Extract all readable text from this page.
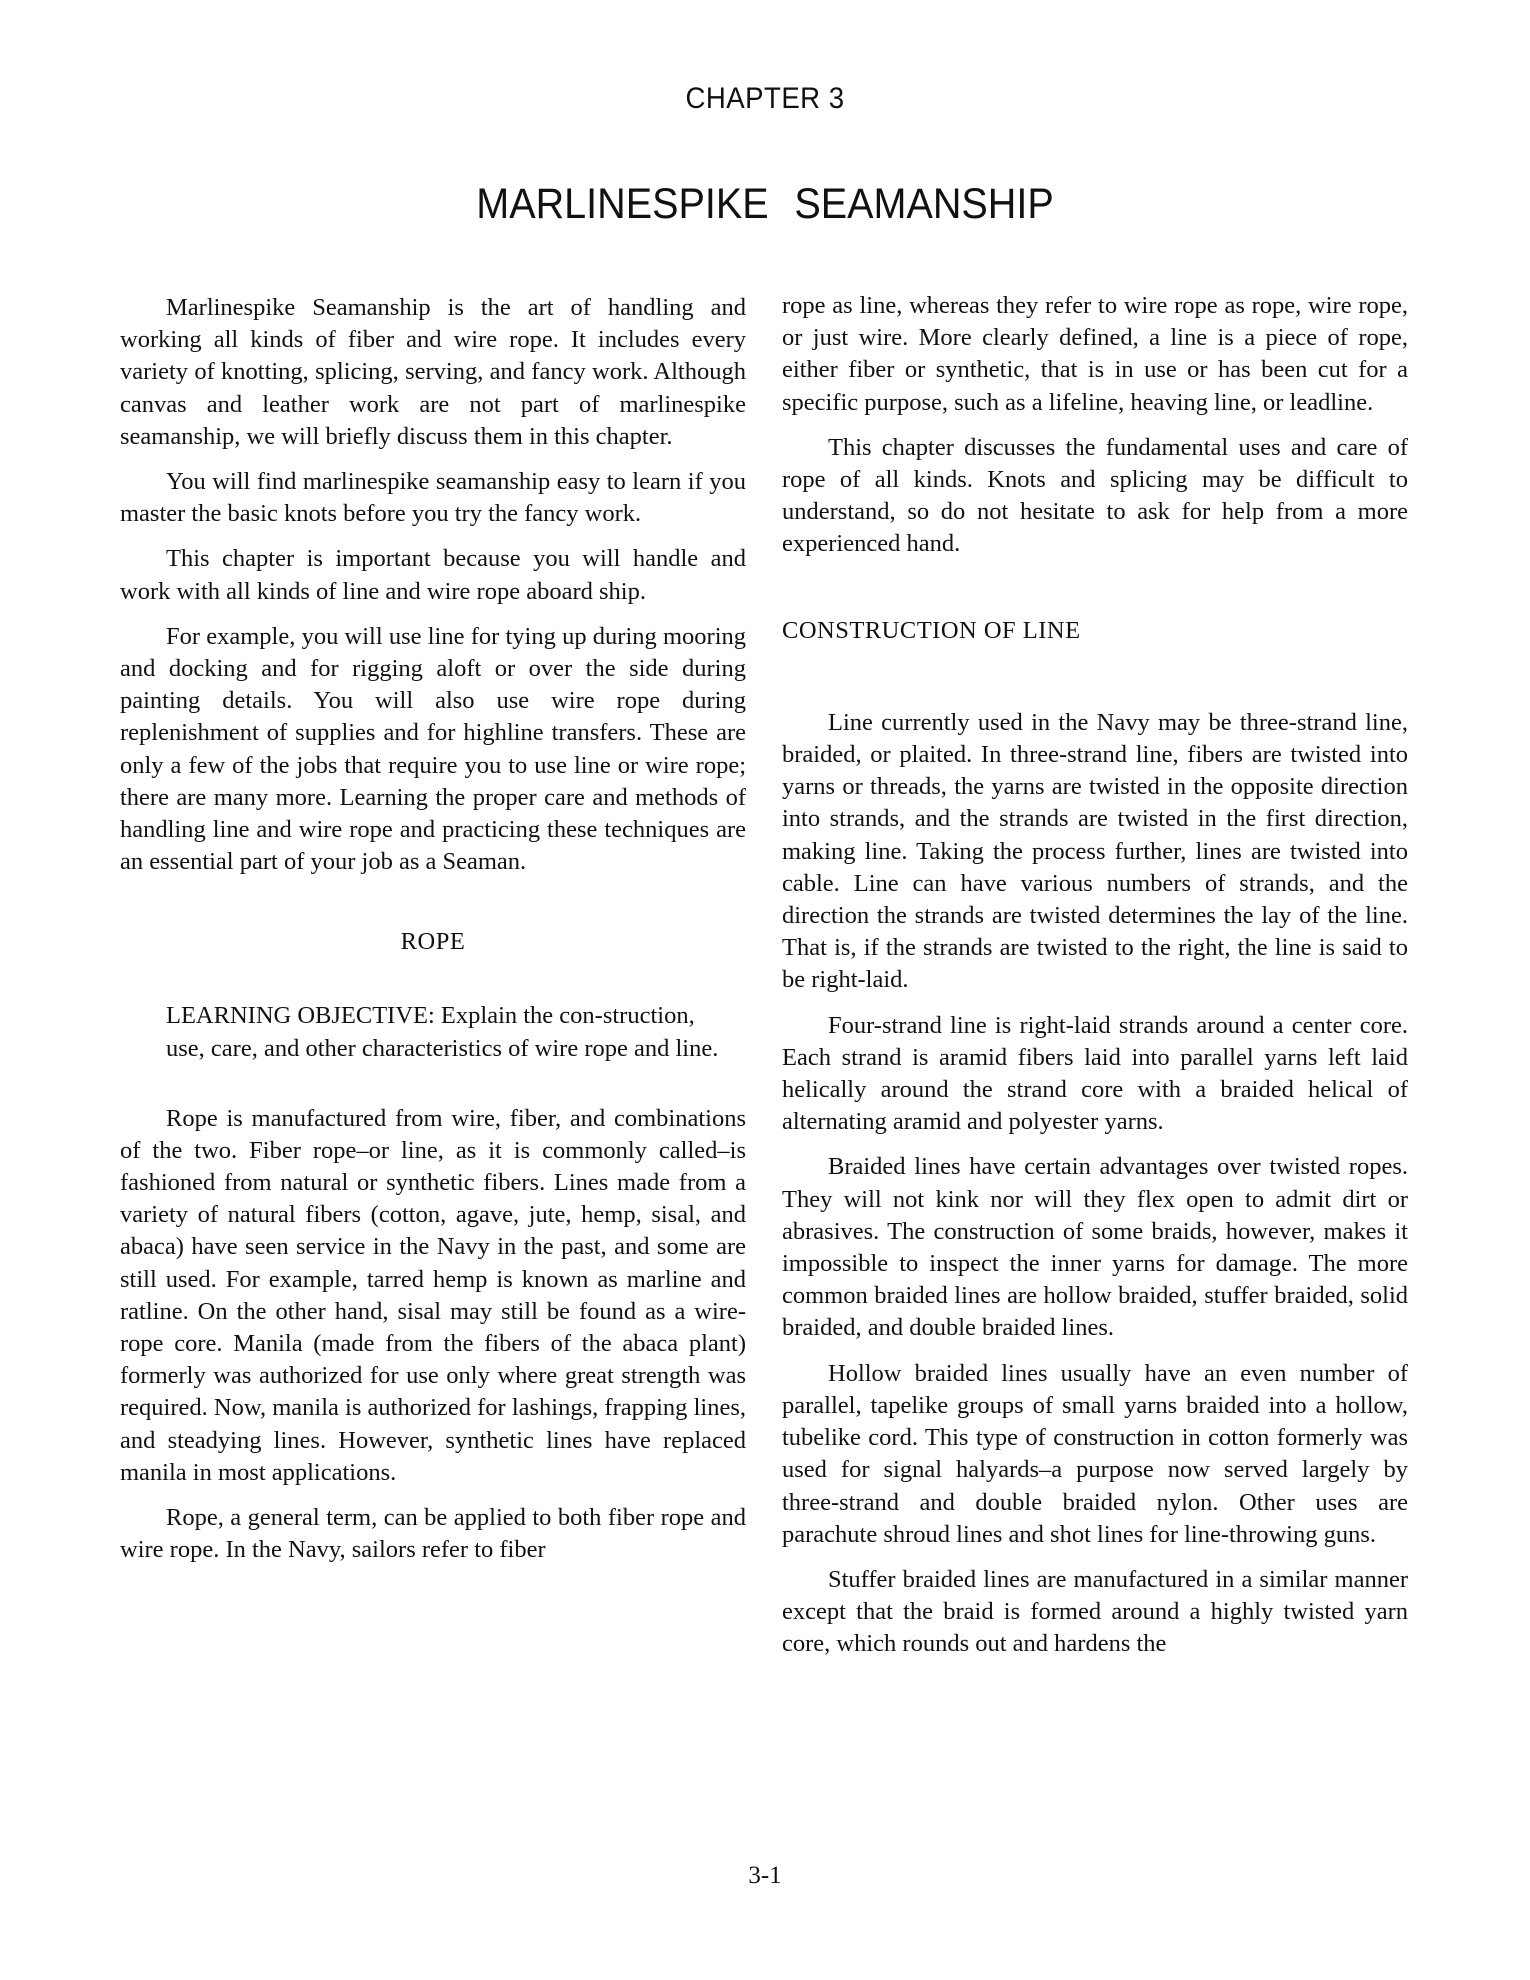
CHAPTER 3
MARLINESPIKE SEAMANSHIP

Marlinespike Seamanship is the art of handling and working all kinds of fiber and wire rope. It includes every variety of knotting, splicing, serving, and fancy work. Although canvas and leather work are not part of marlinespike seamanship, we will briefly discuss them in this chapter.

You will find marlinespike seamanship easy to learn if you master the basic knots before you try the fancy work.

This chapter is important because you will handle and work with all kinds of line and wire rope aboard ship.

For example, you will use line for tying up during mooring and docking and for rigging aloft or over the side during painting details. You will also use wire rope during replenishment of supplies and for highline transfers. These are only a few of the jobs that require you to use line or wire rope; there are many more. Learning the proper care and methods of handling line and wire rope and practicing these techniques are an essential part of your job as a Seaman.

ROPE
LEARNING OBJECTIVE: Explain the con-struction, use, care, and other characteristics of wire rope and line.

Rope is manufactured from wire, fiber, and combinations of the two. Fiber rope–or line, as it is commonly called–is fashioned from natural or synthetic fibers. Lines made from a variety of natural fibers (cotton, agave, jute, hemp, sisal, and abaca) have seen service in the Navy in the past, and some are still used. For example, tarred hemp is known as marline and ratline. On the other hand, sisal may still be found as a wire-rope core. Manila (made from the fibers of the abaca plant) formerly was authorized for use only where great strength was required. Now, manila is authorized for lashings, frapping lines, and steadying lines. However, synthetic lines have replaced manila in most applications.

Rope, a general term, can be applied to both fiber rope and wire rope. In the Navy, sailors refer to fiber

rope as line, whereas they refer to wire rope as rope, wire rope, or just wire. More clearly defined, a line is a piece of rope, either fiber or synthetic, that is in use or has been cut for a specific purpose, such as a lifeline, heaving line, or leadline.

This chapter discusses the fundamental uses and care of rope of all kinds. Knots and splicing may be difficult to understand, so do not hesitate to ask for help from a more experienced hand.

CONSTRUCTION OF LINE

Line currently used in the Navy may be three-strand line, braided, or plaited. In three-strand line, fibers are twisted into yarns or threads, the yarns are twisted in the opposite direction into strands, and the strands are twisted in the first direction, making line. Taking the process further, lines are twisted into cable. Line can have various numbers of strands, and the direction the strands are twisted determines the lay of the line. That is, if the strands are twisted to the right, the line is said to be right-laid.

Four-strand line is right-laid strands around a center core. Each strand is aramid fibers laid into parallel yarns left laid helically around the strand core with a braided helical of alternating aramid and polyester yarns.

Braided lines have certain advantages over twisted ropes. They will not kink nor will they flex open to admit dirt or abrasives. The construction of some braids, however, makes it impossible to inspect the inner yarns for damage. The more common braided lines are hollow braided, stuffer braided, solid braided, and double braided lines.

Hollow braided lines usually have an even number of parallel, tapelike groups of small yarns braided into a hollow, tubelike cord. This type of construction in cotton formerly was used for signal halyards–a purpose now served largely by three-strand and double braided nylon. Other uses are parachute shroud lines and shot lines for line-throwing guns.

Stuffer braided lines are manufactured in a similar manner except that the braid is formed around a highly twisted yarn core, which rounds out and hardens the

3-1
